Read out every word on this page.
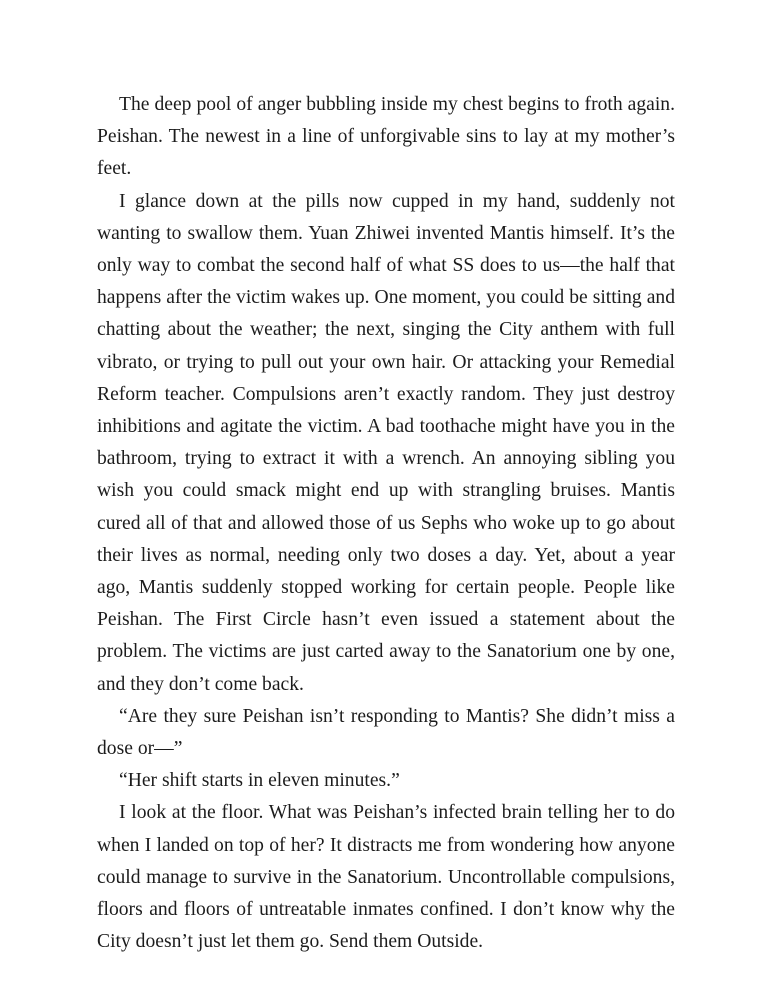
The deep pool of anger bubbling inside my chest begins to froth again. Peishan. The newest in a line of unforgivable sins to lay at my mother’s feet.

I glance down at the pills now cupped in my hand, suddenly not wanting to swallow them. Yuan Zhiwei invented Mantis himself. It’s the only way to combat the second half of what SS does to us—the half that happens after the victim wakes up. One moment, you could be sitting and chatting about the weather; the next, singing the City anthem with full vibrato, or trying to pull out your own hair. Or attacking your Remedial Reform teacher. Compulsions aren’t exactly random. They just destroy inhibitions and agitate the victim. A bad toothache might have you in the bathroom, trying to extract it with a wrench. An annoying sibling you wish you could smack might end up with strangling bruises. Mantis cured all of that and allowed those of us Sephs who woke up to go about their lives as normal, needing only two doses a day. Yet, about a year ago, Mantis suddenly stopped working for certain people. People like Peishan. The First Circle hasn’t even issued a statement about the problem. The victims are just carted away to the Sanatorium one by one, and they don’t come back.

“Are they sure Peishan isn’t responding to Mantis? She didn’t miss a dose or—”

“Her shift starts in eleven minutes.”

I look at the floor. What was Peishan’s infected brain telling her to do when I landed on top of her? It distracts me from wondering how anyone could manage to survive in the Sanatorium. Uncontrollable compulsions, floors and floors of untreatable inmates confined. I don’t know why the City doesn’t just let them go. Send them Outside.
